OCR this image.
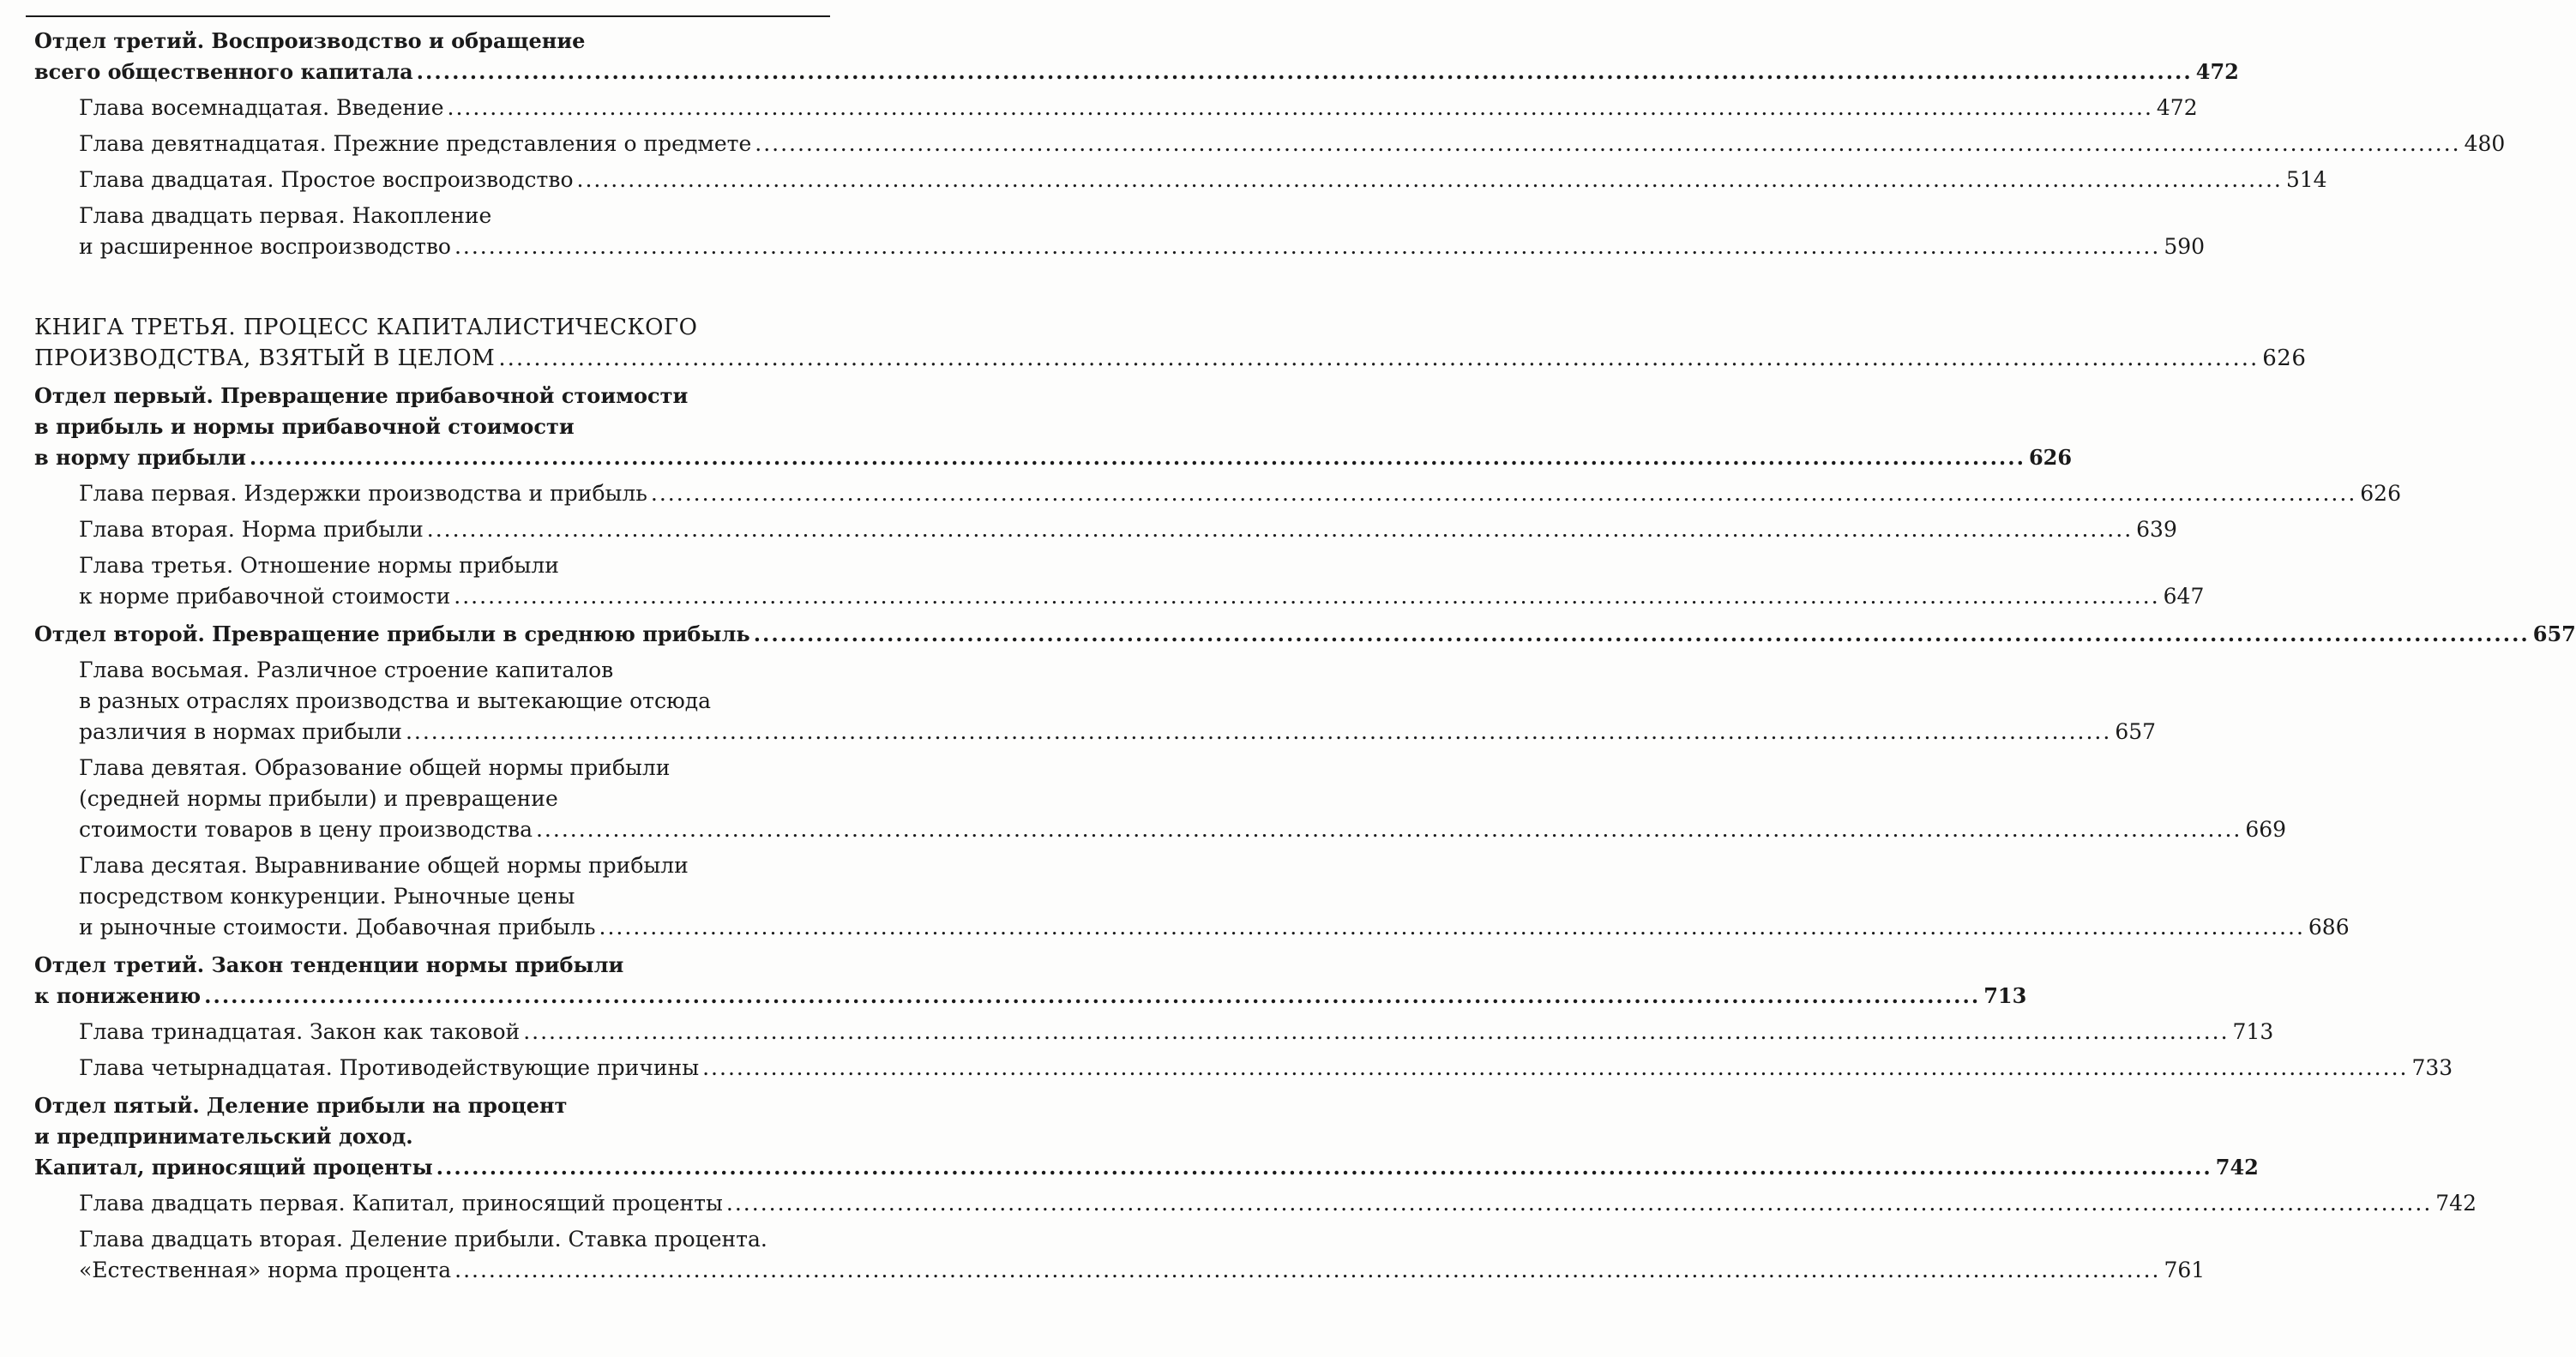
Отдел третий. Воспроизводство и обращение
всего общественного капитала ........................................................................................................................................................................................................ 472
Глава восемнадцатая. Введение ........................................................................................................................................................................................................ 472
Глава девятнадцатая. Прежние представления о предмете ........................................................................................................................................................................................................ 480
Глава двадцатая. Простое воспроизводство ........................................................................................................................................................................................................ 514
Глава двадцать первая. Накопление
и расширенное воспроизводство ........................................................................................................................................................................................................ 590
КНИГА ТРЕТЬЯ. ПРОЦЕСС КАПИТАЛИСТИЧЕСКОГО
ПРОИЗВОДСТВА, ВЗЯТЫЙ В ЦЕЛОМ ........................................................................................................................................................................................................ 626
Отдел первый. Превращение прибавочной стоимости
в прибыль и нормы прибавочной стоимости
в норму прибыли ........................................................................................................................................................................................................ 626
Глава первая. Издержки производства и прибыль ........................................................................................................................................................................................................ 626
Глава вторая. Норма прибыли ........................................................................................................................................................................................................ 639
Глава третья. Отношение нормы прибыли
к норме прибавочной стоимости ........................................................................................................................................................................................................ 647
Отдел второй. Превращение прибыли в среднюю прибыль ........................................................................................................................................................................................................ 657
Глава восьмая. Различное строение капиталов
в разных отраслях производства и вытекающие отсюда
различия в нормах прибыли ........................................................................................................................................................................................................ 657
Глава девятая. Образование общей нормы прибыли
(средней нормы прибыли) и превращение
стоимости товаров в цену производства ........................................................................................................................................................................................................ 669
Глава десятая. Выравнивание общей нормы прибыли
посредством конкуренции. Рыночные цены
и рыночные стоимости. Добавочная прибыль ........................................................................................................................................................................................................ 686
Отдел третий. Закон тенденции нормы прибыли
к понижению ........................................................................................................................................................................................................ 713
Глава тринадцатая. Закон как таковой ........................................................................................................................................................................................................ 713
Глава четырнадцатая. Противодействующие причины ........................................................................................................................................................................................................ 733
Отдел пятый. Деление прибыли на процент
и предпринимательский доход.
Капитал, приносящий проценты ........................................................................................................................................................................................................ 742
Глава двадцать первая. Капитал, приносящий проценты ........................................................................................................................................................................................................ 742
Глава двадцать вторая. Деление прибыли. Ставка процента.
«Естественная» норма процента ........................................................................................................................................................................................................ 761
